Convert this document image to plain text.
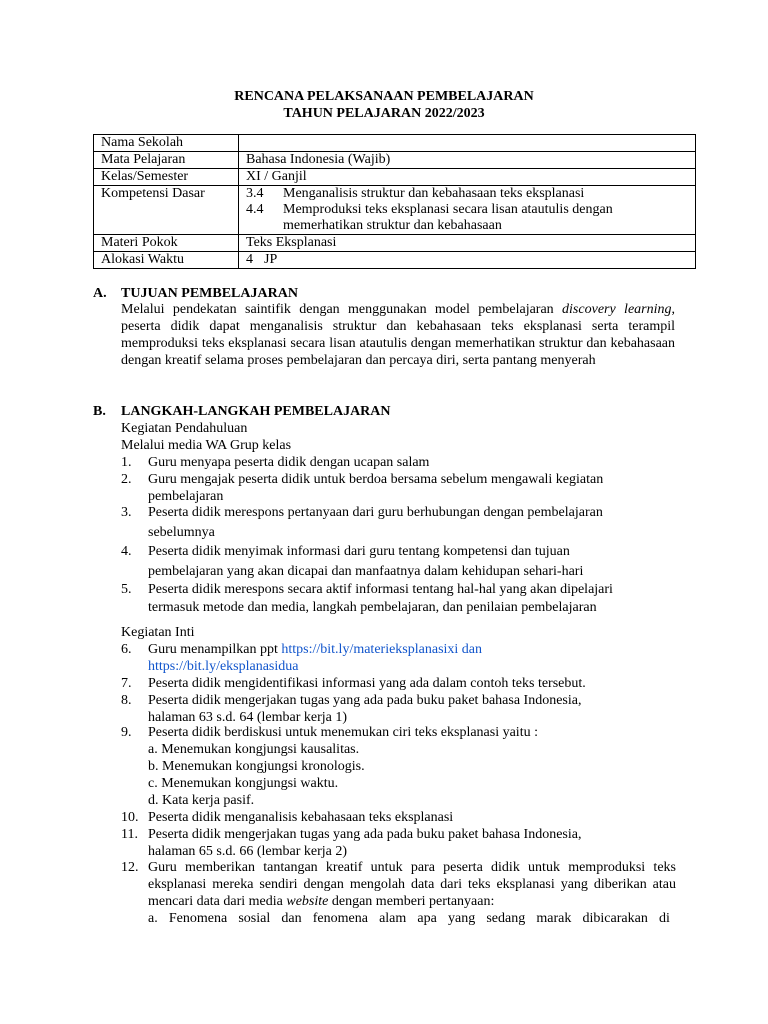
RENCANA PELAKSANAAN PEMBELAJARAN
TAHUN PELAJARAN 2022/2023
Nama Sekolah	
Mata Pelajaran	Bahasa Indonesia (Wajib)
Kelas/Semester	XI / Ganjil
Kompetensi Dasar	3.4 Menganalisis struktur dan kebahasaan teks eksplanasi
4.4 Memproduksi teks eksplanasi secara lisan atautulis dengan memerhatikan struktur dan kebahasaan

Materi Pokok	Teks Eksplanasi
Alokasi Waktu	4 JP
A.	TUJUAN PEMBELAJARAN
Melalui pendekatan saintifik dengan menggunakan model pembelajaran discovery learning, peserta didik dapat menganalisis struktur dan kebahasaan teks eksplanasi serta terampil memproduksi teks eksplanasi secara lisan atautulis dengan memerhatikan struktur dan kebahasaan dengan kreatif selama proses pembelajaran dan percaya diri, serta pantang menyerah
B.	LANGKAH-LANGKAH PEMBELAJARAN
Kegiatan Pendahuluan
Melalui media WA Grup kelas
1.	Guru menyapa peserta didik dengan ucapan salam
2.	Guru mengajak peserta didik untuk berdoa bersama sebelum mengawali kegiatan pembelajaran
3.	Peserta didik merespons pertanyaan dari guru berhubungan dengan pembelajaran
sebelumnya
4.	Peserta didik menyimak informasi dari guru tentang kompetensi dan tujuan
pembelajaran yang akan dicapai dan manfaatnya dalam kehidupan sehari-hari
5.	Peserta didik merespons secara aktif informasi tentang hal-hal yang akan dipelajari
termasuk metode dan media, langkah pembelajaran, dan penilaian pembelajaran
Kegiatan Inti
6.	Guru menampilkan ppt https://bit.ly/materieksplanasixi dan
https://bit.ly/eksplanasidua
7.	Peserta didik mengidentifikasi informasi yang ada dalam contoh teks tersebut.
8.	Peserta didik mengerjakan tugas yang ada pada buku paket bahasa Indonesia,
halaman 63 s.d. 64 (lembar kerja 1)
9.	Peserta didik berdiskusi untuk menemukan ciri teks eksplanasi yaitu :
a. Menemukan kongjungsi kausalitas.
b. Menemukan kongjungsi kronologis.
c. Menemukan kongjungsi waktu.
d. Kata kerja pasif.
10. Peserta didik menganalisis kebahasaan teks eksplanasi
11. Peserta didik mengerjakan tugas yang ada pada buku paket bahasa Indonesia,
halaman 65 s.d. 66 (lembar kerja 2)
12. Guru memberikan tantangan kreatif untuk para peserta didik untuk memproduksi teks eksplanasi mereka sendiri dengan mengolah data dari teks eksplanasi yang diberikan atau mencari data dari media website dengan memberi pertanyaan:
a. Fenomena sosial dan fenomena alam apa yang sedang marak dibicarakan di
